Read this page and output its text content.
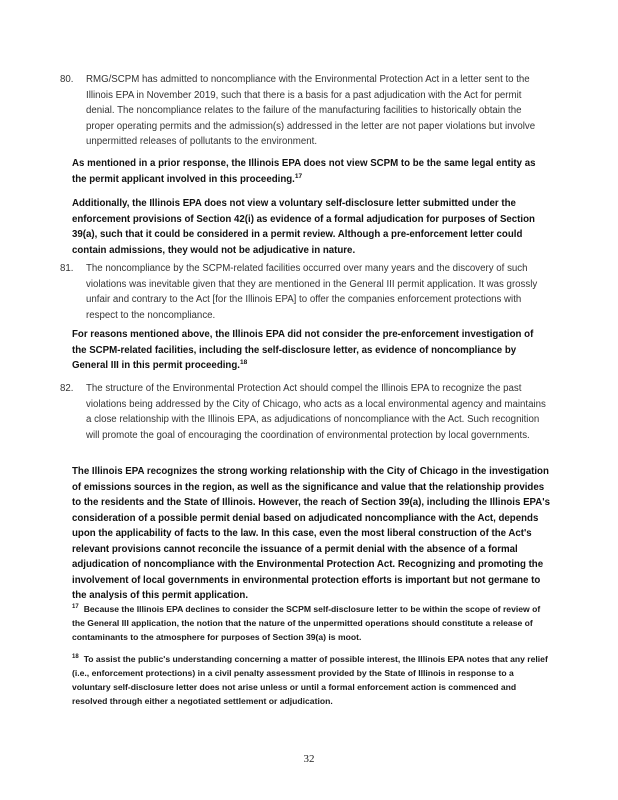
80.	RMG/SCPM has admitted to noncompliance with the Environmental Protection Act in a letter sent to the Illinois EPA in November 2019, such that there is a basis for a past adjudication with the Act for permit denial. The noncompliance relates to the failure of the manufacturing facilities to historically obtain the proper operating permits and the admission(s) addressed in the letter are not paper violations but involve unpermitted releases of pollutants to the environment.
As mentioned in a prior response, the Illinois EPA does not view SCPM to be the same legal entity as the permit applicant involved in this proceeding.$^{17}$
Additionally, the Illinois EPA does not view a voluntary self-disclosure letter submitted under the enforcement provisions of Section 42(i) as evidence of a formal adjudication for purposes of Section 39(a), such that it could be considered in a permit review. Although a pre-enforcement letter could contain admissions, they would not be adjudicative in nature.
81.	The noncompliance by the SCPM-related facilities occurred over many years and the discovery of such violations was inevitable given that they are mentioned in the General III permit application. It was grossly unfair and contrary to the Act [for the Illinois EPA] to offer the companies enforcement protections with respect to the noncompliance.
For reasons mentioned above, the Illinois EPA did not consider the pre-enforcement investigation of the SCPM-related facilities, including the self-disclosure letter, as evidence of noncompliance by General III in this permit proceeding.$^{18}$
82.	The structure of the Environmental Protection Act should compel the Illinois EPA to recognize the past violations being addressed by the City of Chicago, who acts as a local environmental agency and maintains a close relationship with the Illinois EPA, as adjudications of noncompliance with the Act. Such recognition will promote the goal of encouraging the coordination of environmental protection by local governments.
The Illinois EPA recognizes the strong working relationship with the City of Chicago in the investigation of emissions sources in the region, as well as the significance and value that the relationship provides to the residents and the State of Illinois. However, the reach of Section 39(a), including the Illinois EPA's consideration of a possible permit denial based on adjudicated noncompliance with the Act, depends upon the applicability of facts to the law. In this case, even the most liberal construction of the Act's relevant provisions cannot reconcile the issuance of a permit denial with the absence of a formal adjudication of noncompliance with the Environmental Protection Act. Recognizing and promoting the involvement of local governments in environmental protection efforts is important but not germane to the analysis of this permit application.
$^{17}$ Because the Illinois EPA declines to consider the SCPM self-disclosure letter to be within the scope of review of the General III application, the notion that the nature of the unpermitted operations should constitute a release of contaminants to the atmosphere for purposes of Section 39(a) is moot.
$^{18}$ To assist the public's understanding concerning a matter of possible interest, the Illinois EPA notes that any relief (i.e., enforcement protections) in a civil penalty assessment provided by the State of Illinois in response to a voluntary self-disclosure letter does not arise unless or until a formal enforcement action is commenced and resolved through either a negotiated settlement or adjudication.
32
